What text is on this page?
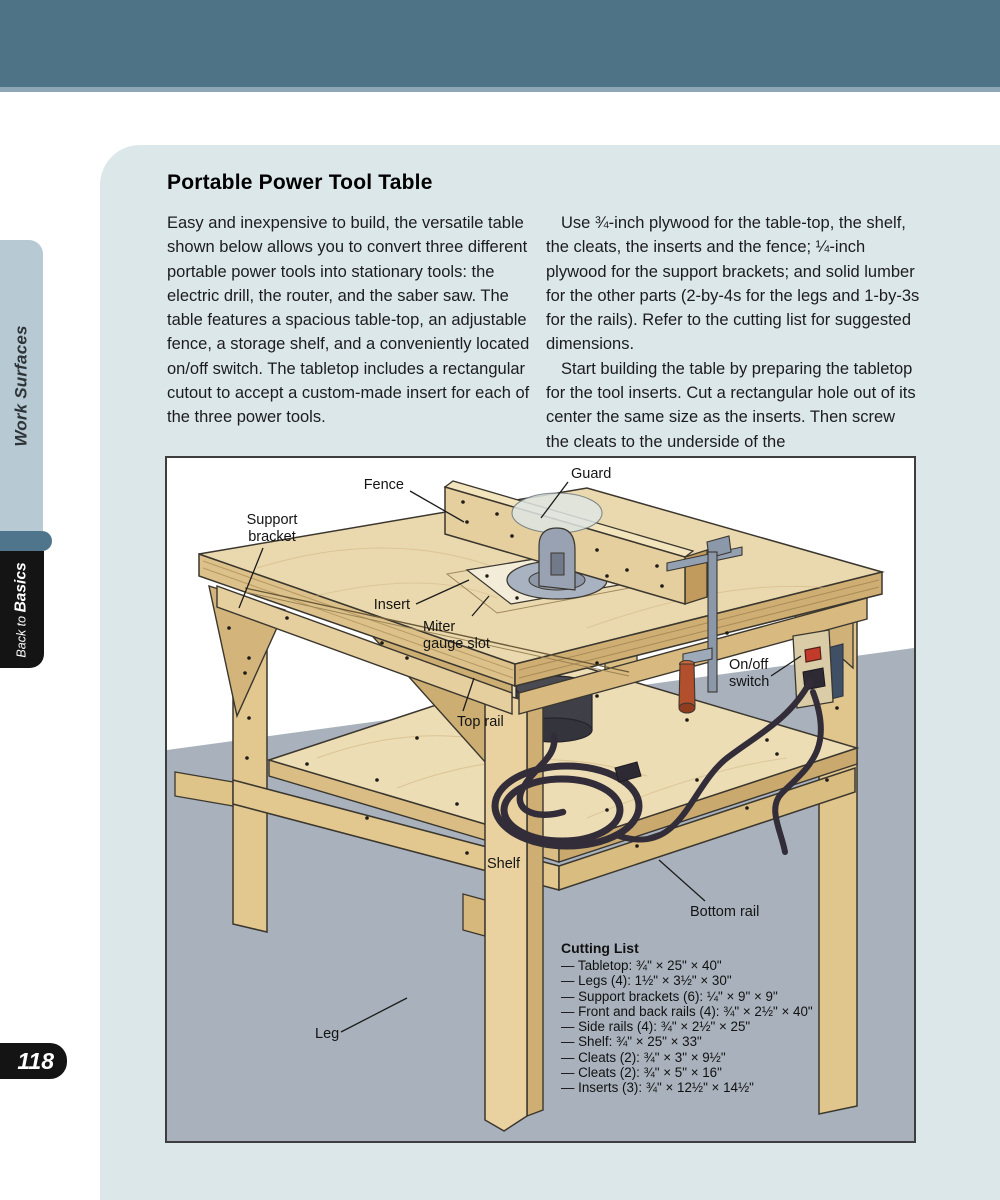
Portable Power Tool Table

Easy and inexpensive to build, the versatile table shown below allows you to convert three different portable power tools into stationary tools: the electric drill, the router, and the saber saw. The table features a spacious table-top, an adjustable fence, a storage shelf, and a conveniently located on/off switch. The tabletop includes a rectangular cutout to accept a custom-made insert for each of the three power tools.

Use ¾-inch plywood for the table-top, the shelf, the cleats, the inserts and the fence; ¼-inch plywood for the support brackets; and solid lumber for the other parts (2-by-4s for the legs and 1-by-3s for the rails). Refer to the cutting list for suggested dimensions.

Start building the table by preparing the tabletop for the tool inserts. Cut a rectangular hole out of its center the same size as the inserts. Then screw the cleats to the underside of the

Fence
Guard
Support
bracket
Insert
Miter
gauge slot
Top rail
On/off
switch
Shelf
Bottom rail
Leg
Cutting List
— Tabletop: ¾" × 25" × 40"
— Legs (4): 1½" × 3½" × 30"
— Support brackets (6): ¼" × 9" × 9"
— Front and back rails (4): ¾" × 2½" × 40"
— Side rails (4): ¾" × 2½" × 25"
— Shelf: ¾" × 25" × 33"
— Cleats (2): ¾" × 3" × 9½"
— Cleats (2): ¾" × 5" × 16"
— Inserts (3): ¾" × 12½" × 14½"
Work Surfaces
Back to Basics
118
